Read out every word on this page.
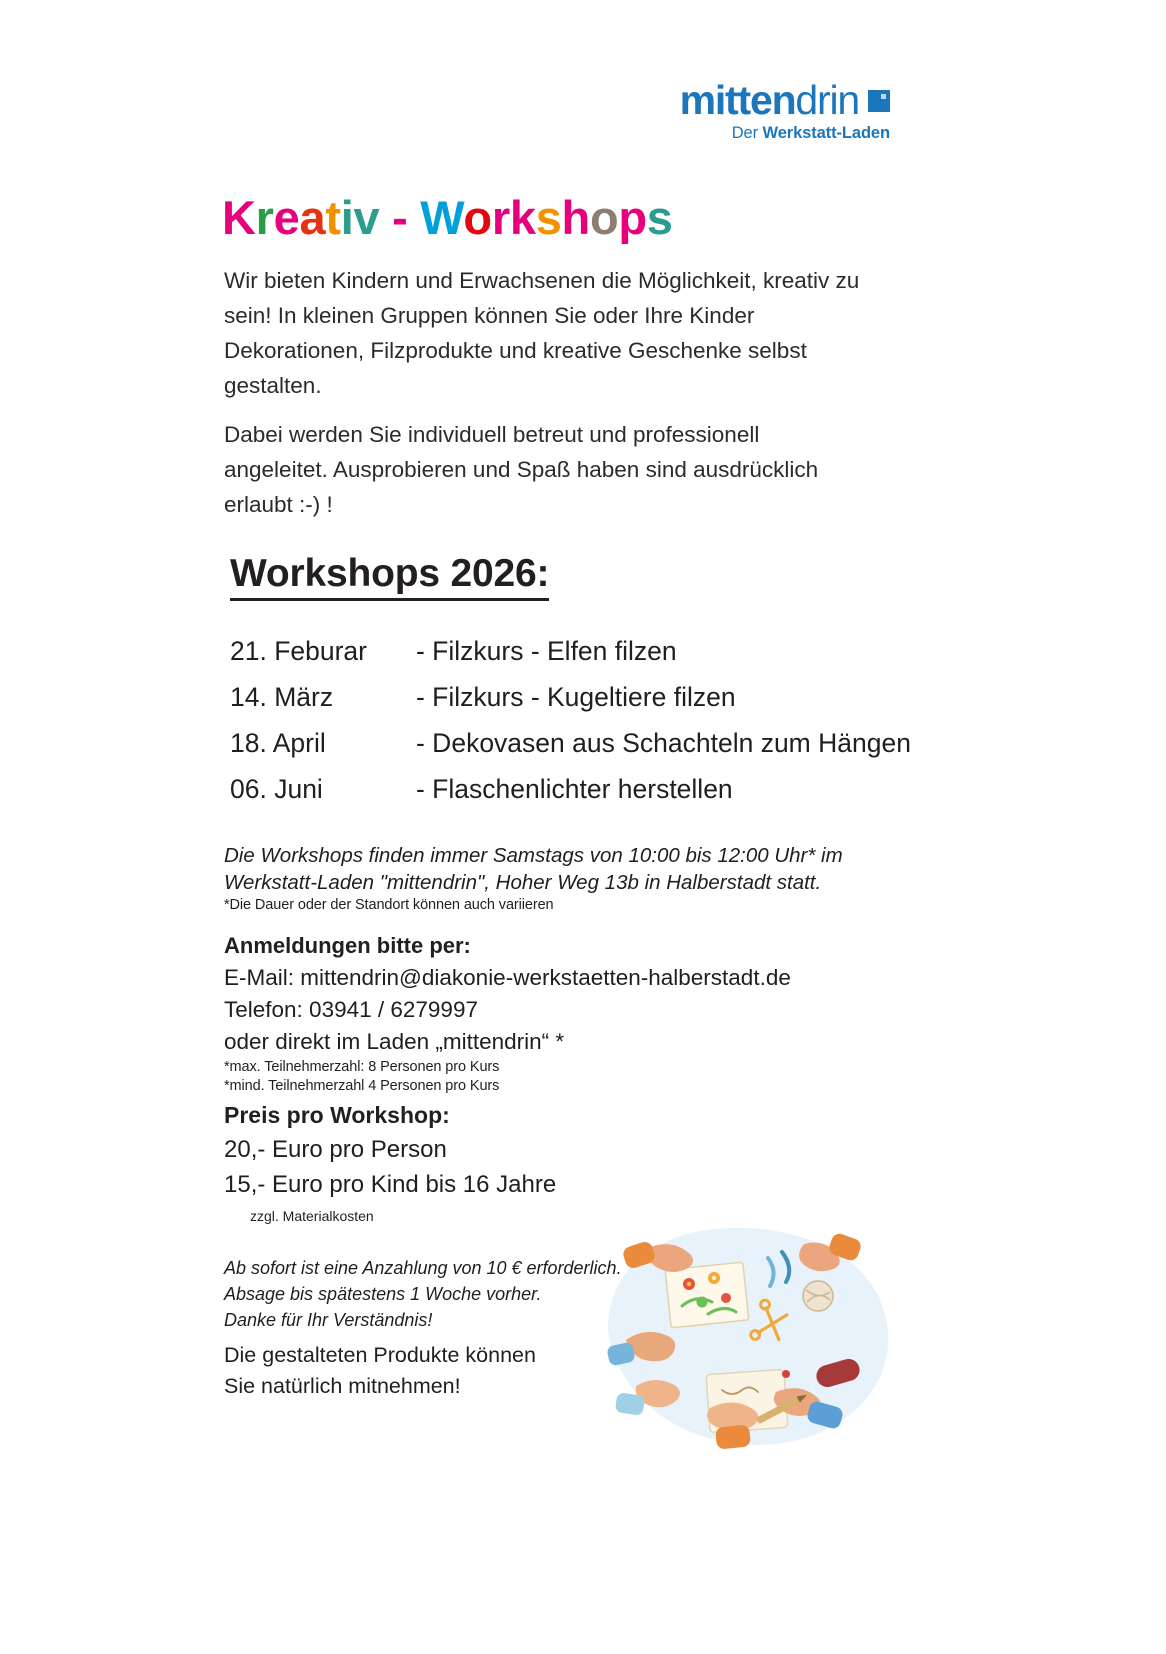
mittendrin
Der Werkstatt-Laden
Kreativ - Workshops

Wir bieten Kindern und Erwachsenen die Möglichkeit, kreativ zu sein! In kleinen Gruppen können Sie oder Ihre Kinder Dekorationen, Filzprodukte und kreative Geschenke selbst gestalten.

Dabei werden Sie individuell betreut und professionell angeleitet. Ausprobieren und Spaß haben sind ausdrücklich erlaubt :-) !

Workshops 2026:
21. Feburar	- Filzkurs - Elfen filzen
14. März	- Filzkurs - Kugeltiere filzen
18. April	- Dekovasen aus Schachteln zum Hängen
06. Juni	- Flaschenlichter herstellen
Die Workshops finden immer Samstags von 10:00 bis 12:00 Uhr* im Werkstatt-Laden "mittendrin", Hoher Weg 13b in Halberstadt statt.
*Die Dauer oder der Standort können auch variieren
Anmeldungen bitte per:
E-Mail: mittendrin@diakonie-werkstaetten-halberstadt.de
Telefon: 03941 / 6279997
oder direkt im Laden „mittendrin“ *
*max. Teilnehmerzahl: 8 Personen pro Kurs
*mind. Teilnehmerzahl 4 Personen pro Kurs
Preis pro Workshop:
20,- Euro pro Person
15,- Euro pro Kind bis 16 Jahre
zzgl. Materialkosten
Ab sofort ist eine Anzahlung von 10 € erforderlich.
Absage bis spätestens 1 Woche vorher.
Danke für Ihr Verständnis!
Die gestalteten Produkte können
Sie natürlich mitnehmen!
